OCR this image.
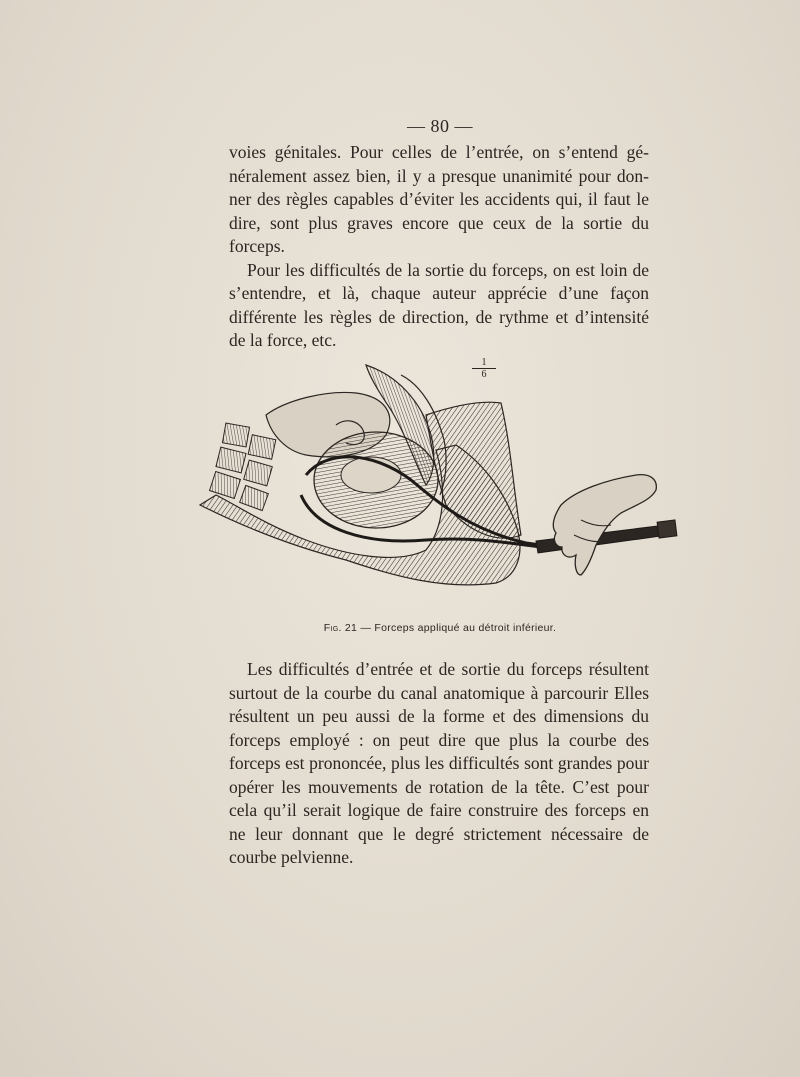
— 80 —

voies génitales. Pour celles de l’entrée, on s’entend gé-néralement assez bien, il y a presque unanimité pour don-ner des règles capables d’éviter les accidents qui, il faut le dire, sont plus graves encore que ceux de la sortie du forceps.

Pour les difficultés de la sortie du forceps, on est loin de s’entendre, et là, chaque auteur apprécie d’une façon différente les règles de direction, de rythme et d’intensité de la force, etc.

1
6
Fig. 21 — Forceps appliqué au détroit inférieur.

Les difficultés d’entrée et de sortie du forceps résultent surtout de la courbe du canal anatomique à parcourir Elles résultent un peu aussi de la forme et des dimensions du forceps employé : on peut dire que plus la courbe des forceps est prononcée, plus les difficultés sont grandes pour opérer les mouvements de rotation de la tête. C’est pour cela qu’il serait logique de faire construire des forceps en ne leur donnant que le degré strictement nécessaire de courbe pelvienne.
